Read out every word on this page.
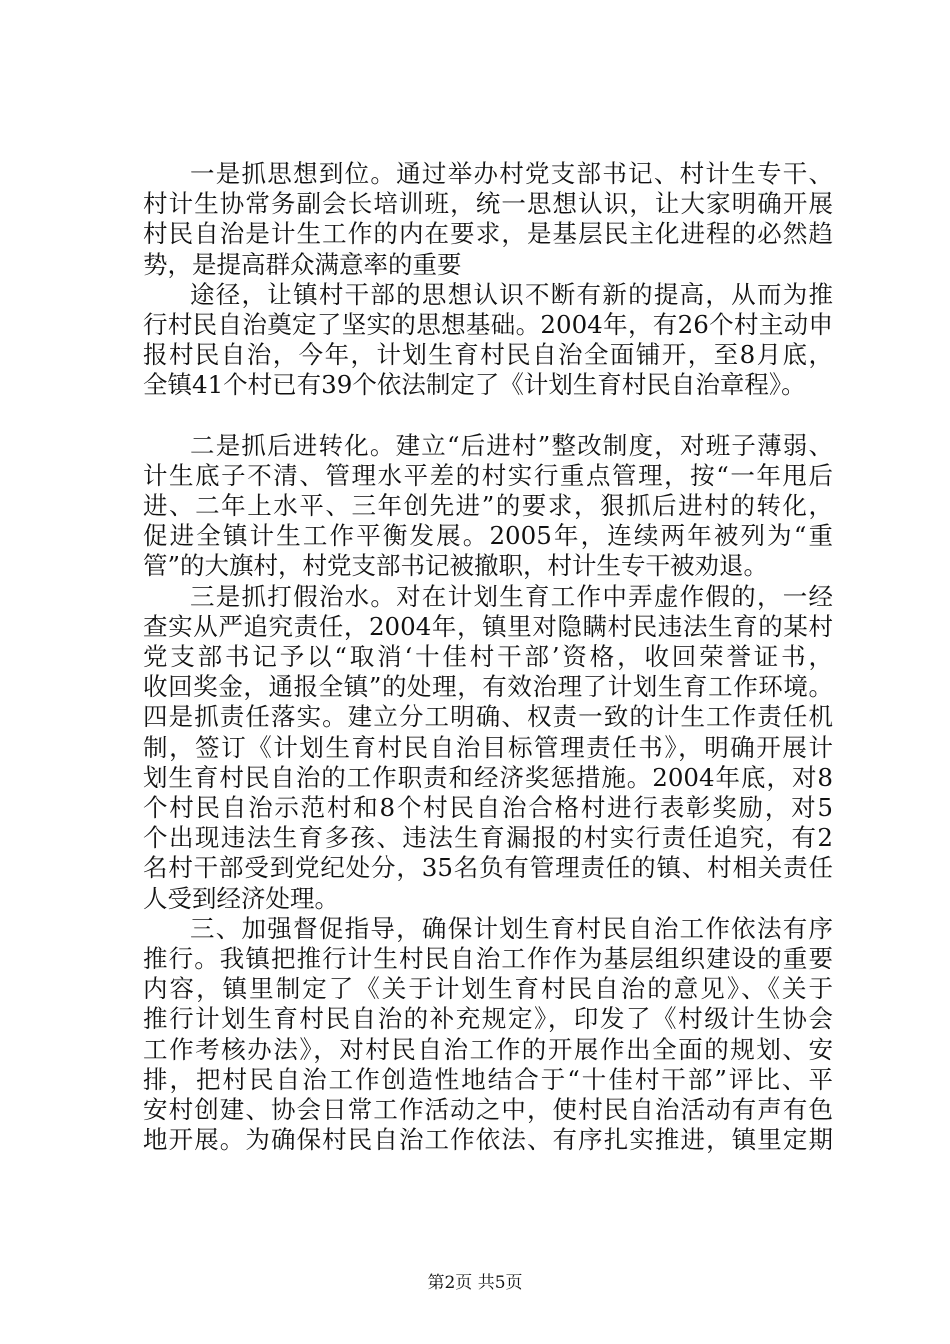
一是抓思想到位。通过举办村党支部书记、村计生专干、
村计生协常务副会长培训班，统一思想认识，让大家明确开展
村民自治是计生工作的内在要求，是基层民主化进程的必然趋
势，是提高群众满意率的重要
途径，让镇村干部的思想认识不断有新的提高，从而为推
行村民自治奠定了坚实的思想基础。2004年，有26个村主动申
报村民自治，今年，计划生育村民自治全面铺开，至8月底，
全镇41个村已有39个依法制定了《计划生育村民自治章程》。
二是抓后进转化。建立“后进村”整改制度，对班子薄弱、
计生底子不清、管理水平差的村实行重点管理，按“一年甩后
进、二年上水平、三年创先进”的要求，狠抓后进村的转化，
促进全镇计生工作平衡发展。2005年，连续两年被列为“重
管”的大旗村，村党支部书记被撤职，村计生专干被劝退。
三是抓打假治水。对在计划生育工作中弄虚作假的，一经
查实从严追究责任，2004年，镇里对隐瞒村民违法生育的某村
党支部书记予以“取消‘十佳村干部’资格，收回荣誉证书，
收回奖金，通报全镇”的处理，有效治理了计划生育工作环境。
四是抓责任落实。建立分工明确、权责一致的计生工作责任机
制，签订《计划生育村民自治目标管理责任书》，明确开展计
划生育村民自治的工作职责和经济奖惩措施。2004年底，对8
个村民自治示范村和8个村民自治合格村进行表彰奖励，对5
个出现违法生育多孩、违法生育漏报的村实行责任追究，有2
名村干部受到党纪处分，35名负有管理责任的镇、村相关责任
人受到经济处理。
三、加强督促指导，确保计划生育村民自治工作依法有序
推行。我镇把推行计生村民自治工作作为基层组织建设的重要
内容，镇里制定了《关于计划生育村民自治的意见》、《关于
推行计划生育村民自治的补充规定》，印发了《村级计生协会
工作考核办法》，对村民自治工作的开展作出全面的规划、安
排，把村民自治工作创造性地结合于“十佳村干部”评比、平
安村创建、协会日常工作活动之中，使村民自治活动有声有色
地开展。为确保村民自治工作依法、有序扎实推进，镇里定期
第2页 共5页
